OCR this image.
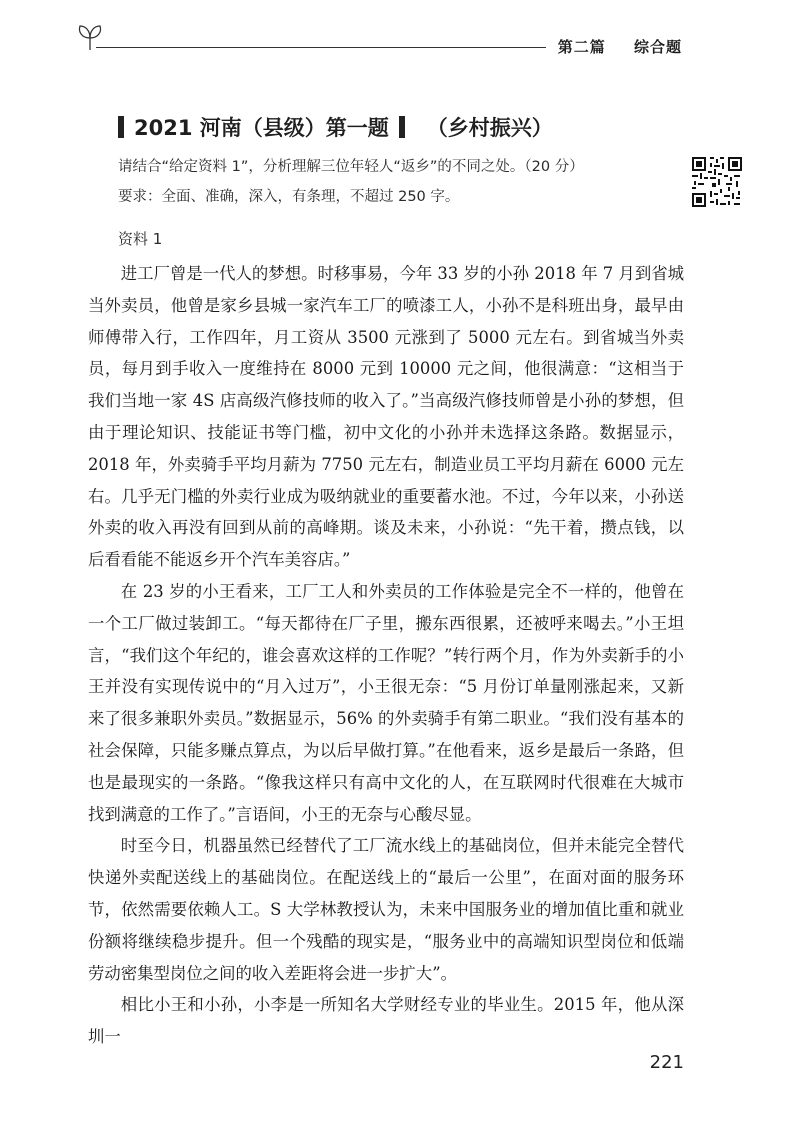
第二篇 综合题
2021 河南（县级）第一题 （乡村振兴）

请结合“给定资料 1”，分析理解三位年轻人“返乡”的不同之处。（20 分）

要求：全面、准确，深入，有条理，不超过 250 字。

资料 1

进工厂曾是一代人的梦想。时移事易，今年 33 岁的小孙 2018 年 7 月到省城当外卖员，他曾是家乡县城一家汽车工厂的喷漆工人，小孙不是科班出身，最早由师傅带入行，工作四年，月工资从 3500 元涨到了 5000 元左右。到省城当外卖员，每月到手收入一度维持在 8000 元到 10000 元之间，他很满意：“这相当于我们当地一家 4S 店高级汽修技师的收入了。”当高级汽修技师曾是小孙的梦想，但由于理论知识、技能证书等门槛，初中文化的小孙并未选择这条路。数据显示，2018 年，外卖骑手平均月薪为 7750 元左右，制造业员工平均月薪在 6000 元左右。几乎无门槛的外卖行业成为吸纳就业的重要蓄水池。不过，今年以来，小孙送外卖的收入再没有回到从前的高峰期。谈及未来，小孙说：“先干着，攒点钱，以后看看能不能返乡开个汽车美容店。”

在 23 岁的小王看来，工厂工人和外卖员的工作体验是完全不一样的，他曾在一个工厂做过装卸工。“每天都待在厂子里，搬东西很累，还被呼来喝去。”小王坦言，“我们这个年纪的，谁会喜欢这样的工作呢？”转行两个月，作为外卖新手的小王并没有实现传说中的“月入过万”，小王很无奈：“5 月份订单量刚涨起来，又新来了很多兼职外卖员。”数据显示，56% 的外卖骑手有第二职业。“我们没有基本的社会保障，只能多赚点算点，为以后早做打算。”在他看来，返乡是最后一条路，但也是最现实的一条路。“像我这样只有高中文化的人，在互联网时代很难在大城市找到满意的工作了。”言语间，小王的无奈与心酸尽显。

时至今日，机器虽然已经替代了工厂流水线上的基础岗位，但并未能完全替代快递外卖配送线上的基础岗位。在配送线上的“最后一公里”，在面对面的服务环节，依然需要依赖人工。S 大学林教授认为，未来中国服务业的增加值比重和就业份额将继续稳步提升。但一个残酷的现实是，“服务业中的高端知识型岗位和低端劳动密集型岗位之间的收入差距将会进一步扩大”。

相比小王和小孙，小李是一所知名大学财经专业的毕业生。2015 年，他从深圳一

221
